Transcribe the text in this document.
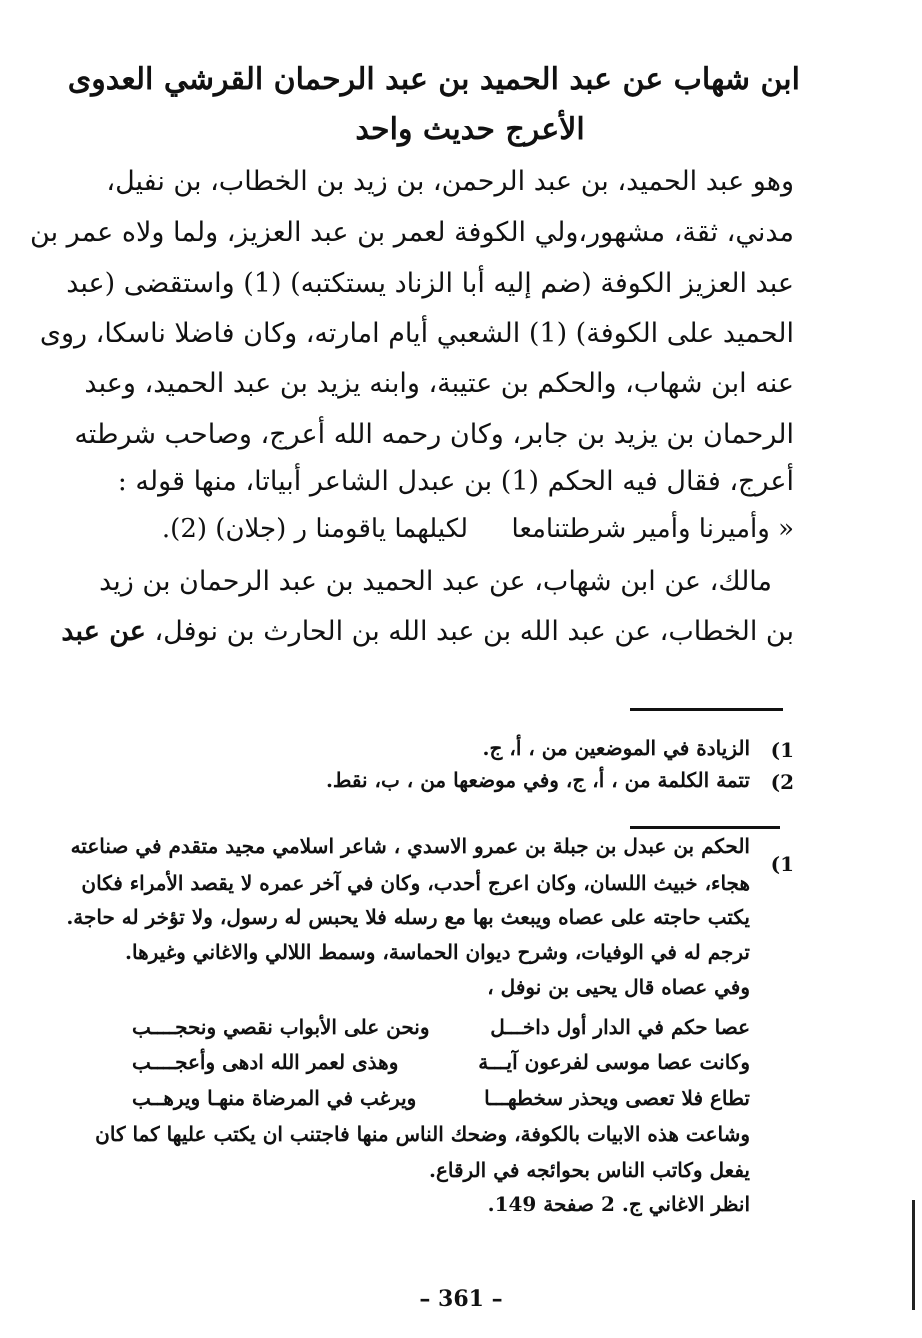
ابن شهاب عن عبد الحميد بن عبد الرحمان القرشي العدوى
الأعرج حديث واحد
وهو عبد الحميد، بن عبد الرحمن، بن زيد بن الخطاب، بن نفيل،
مدني، ثقة، مشهور،ولي الكوفة لعمر بن عبد العزيز، ولما ولاه عمر بن
عبد العزيز الكوفة (ضم إليه أبا الزناد يستكتبه) (1) واستقضى (عبد
الحميد على الكوفة) (1) الشعبي أيام امارته، وكان فاضلا ناسكا، روى
عنه ابن شهاب، والحكم بن عتيبة، وابنه يزيد بن عبد الحميد، وعبد
الرحمان بن يزيد بن جابر، وكان رحمه الله أعرج، وصاحب شرطته
أعرج، فقال فيه الحكم (1) بن عبدل الشاعر أبياتا، منها قوله :
« وأميرنا وأمير شرطتنامعا
لكيلهما ياقومنا ر (جلان) (2).
مالك، عن ابن شهاب، عن عبد الحميد بن عبد الرحمان بن زيد
بن الخطاب، عن عبد الله بن عبد الله بن الحارث بن نوفل، عن عبد
1)
الزيادة في الموضعين من ، أ، ج.
2)
تتمة الكلمة من ، أ، ج، وفي موضعها من ، ب، نقط.
1)
الحكم بن عبدل بن جبلة بن عمرو الاسدي ، شاعر اسلامي مجيد متقدم في صناعته
هجاء، خبيث اللسان، وكان اعرج أحدب، وكان في آخر عمره لا يقصد الأمراء فكان
يكتب حاجته على عصاه ويبعث بها مع رسله فلا يحبس له رسول، ولا تؤخر له حاجة.
ترجم له في الوفيات، وشرح ديوان الحماسة، وسمط اللالي والاغاني وغيرها.
وفي عصاه قال يحيى بن نوفل ،
عصا حكم في الدار أول داخـــل
ونحن على الأبواب نقصي ونحجــــب
وكانت عصا موسى لفرعون آيـــة
وهذى لعمر الله ادهى وأعجــــب
تطاع فلا تعصى ويحذر سخطهـــا
ويرغب في المرضاة منهـا ويرهــب
وشاعت هذه الابيات بالكوفة، وضحك الناس منها فاجتنب ان يكتب عليها كما كان
يفعل وكاتب الناس بحوائجه في الرقاع.
انظر الاغاني ج. 2 صفحة 149.
– 361 –
